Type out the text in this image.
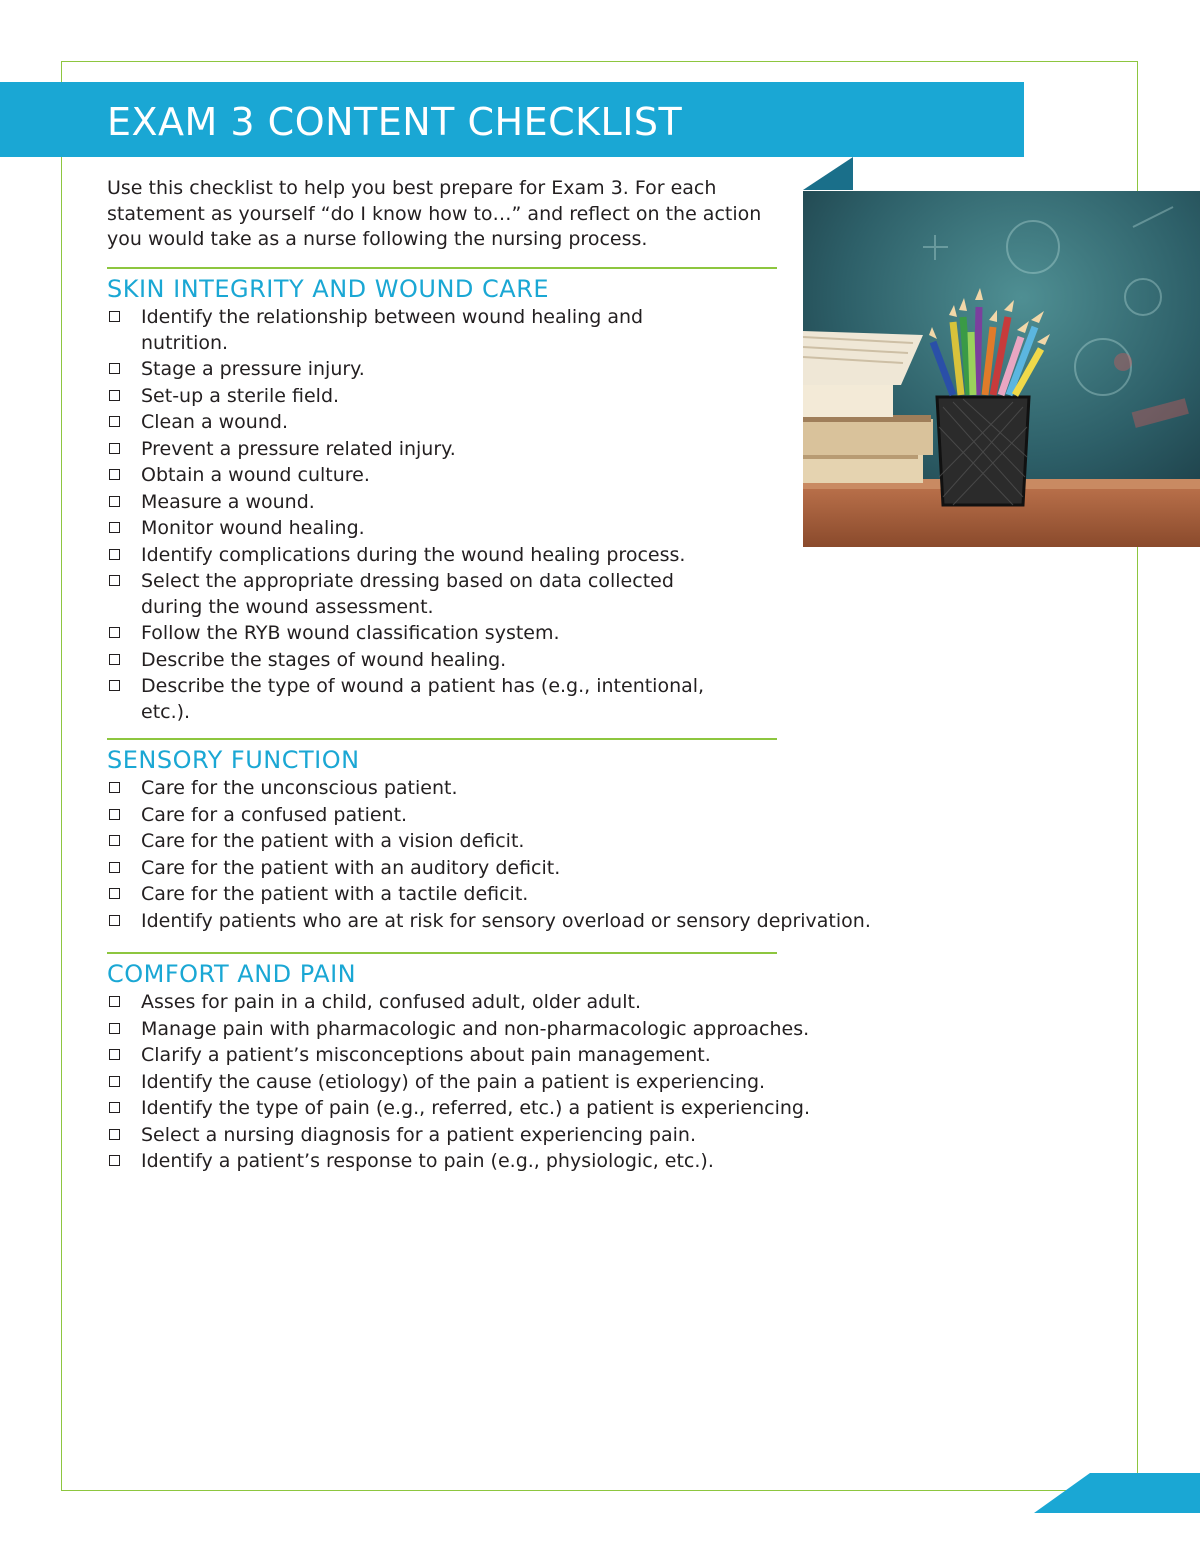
EXAM 3 CONTENT CHECKLIST

Use this checklist to help you best prepare for Exam 3. For each statement as yourself “do I know how to…” and reflect on the action you would take as a nurse following the nursing process.

SKIN INTEGRITY AND WOUND CARE
Identify the relationship between wound healing and nutrition.
Stage a pressure injury.
Set-up a sterile field.
Clean a wound.
Prevent a pressure related injury.
Obtain a wound culture.
Measure a wound.
Monitor wound healing.
Identify complications during the wound healing process.
Select the appropriate dressing based on data collected during the wound assessment.
Follow the RYB wound classification system.
Describe the stages of wound healing.
Describe the type of wound a patient has (e.g., intentional, etc.).
SENSORY FUNCTION
Care for the unconscious patient.
Care for a confused patient.
Care for the patient with a vision deficit.
Care for the patient with an auditory deficit.
Care for the patient with a tactile deficit.
Identify patients who are at risk for sensory overload or sensory deprivation.
COMFORT AND PAIN
Asses for pain in a child, confused adult, older adult.
Manage pain with pharmacologic and non-pharmacologic approaches.
Clarify a patient’s misconceptions about pain management.
Identify the cause (etiology) of the pain a patient is experiencing.
Identify the type of pain (e.g., referred, etc.) a patient is experiencing.
Select a nursing diagnosis for a patient experiencing pain.
Identify a patient’s response to pain (e.g., physiologic, etc.).
